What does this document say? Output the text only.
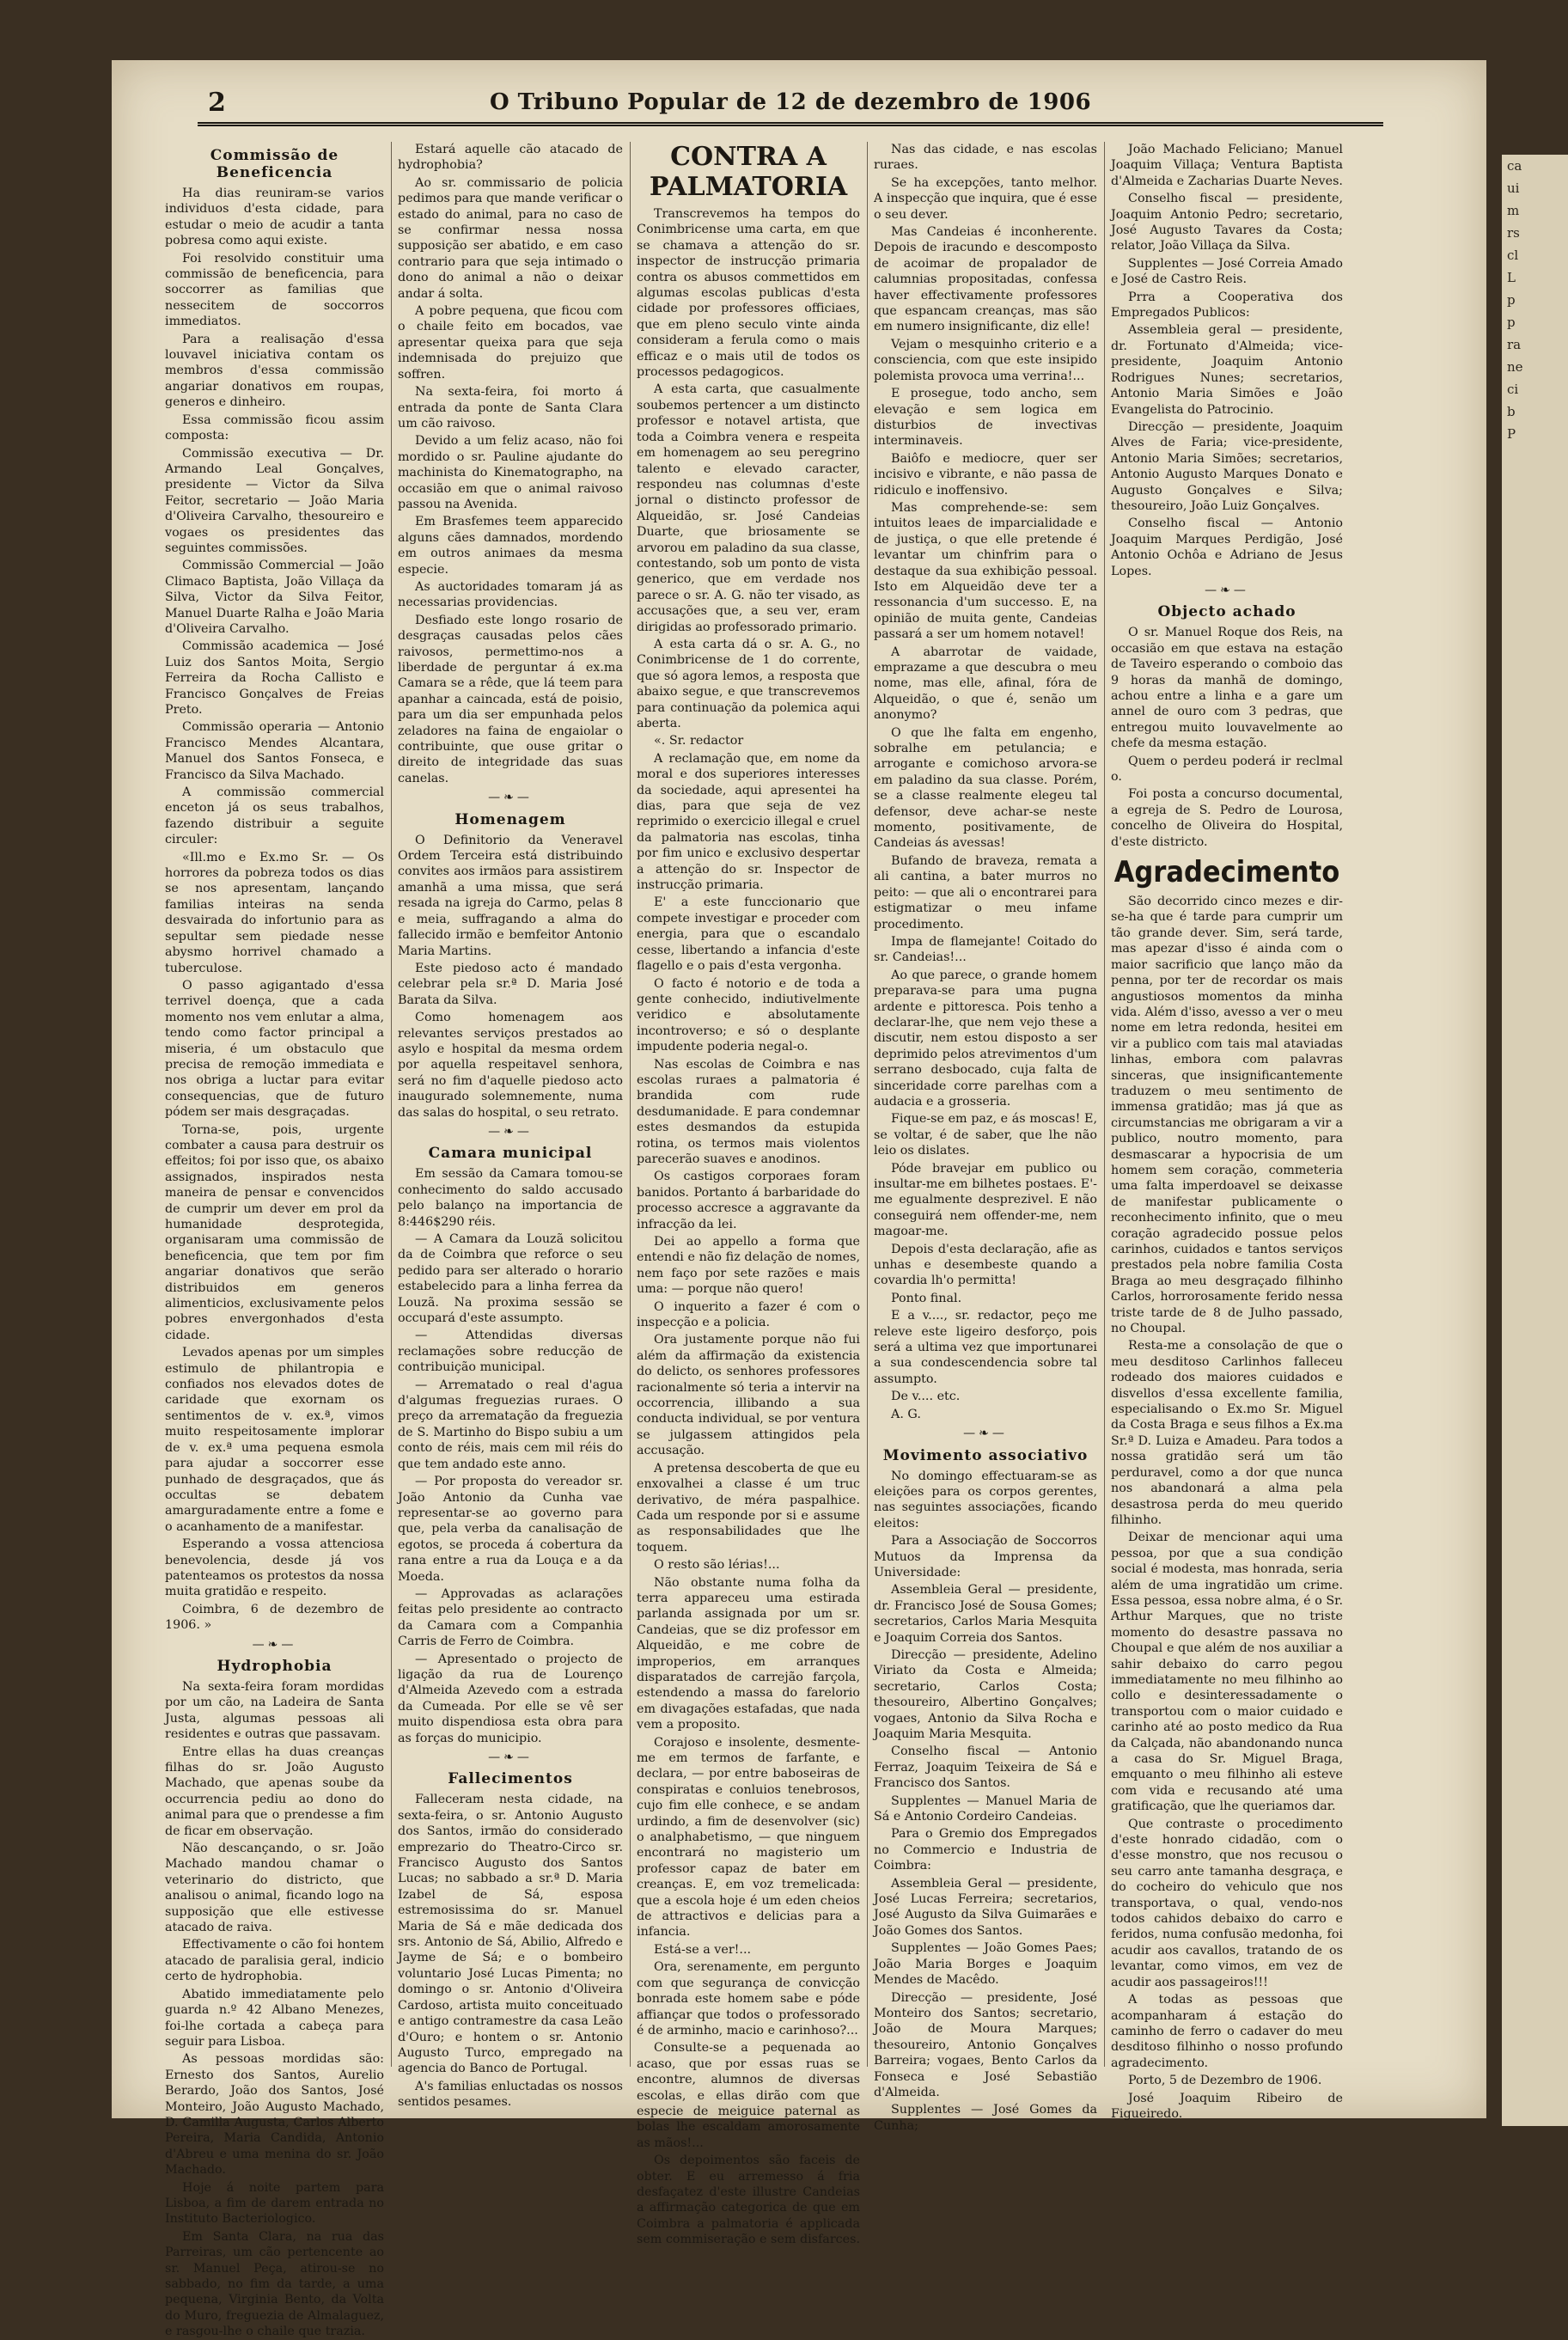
2	O Tribuno Popular de 12 de dezembro de 1906
Commissão de Beneficencia

Ha dias reuniram-se varios individuos d'esta cidade, para estudar o meio de acudir a tanta pobresa como aqui existe.

Foi resolvido constituir uma commissão de beneficencia, para soccorrer as familias que nessecitem de soccorros immediatos.

Para a realisação d'essa louvavel iniciativa contam os membros d'essa commissão angariar donativos em roupas, generos e dinheiro.

Essa commissão ficou assim composta:

Commissão executiva — Dr. Armando Leal Gonçalves, presidente — Victor da Silva Feitor, secretario — João Maria d'Oliveira Carvalho, thesoureiro e vogaes os presidentes das seguintes commissões.

Commissão Commercial — João Climaco Baptista, João Villaça da Silva, Victor da Silva Feitor, Manuel Duarte Ralha e João Maria d'Oliveira Carvalho.

Commissão academica — José Luiz dos Santos Moita, Sergio Ferreira da Rocha Callisto e Francisco Gonçalves de Freias Preto.

Commissão operaria — Antonio Francisco Mendes Alcantara, Manuel dos Santos Fonseca, e Francisco da Silva Machado.

A commissão commercial enceton já os seus trabalhos, fazendo distribuir a seguite circuler:

«Ill.mo e Ex.mo Sr. — Os horrores da pobreza todos os dias se nos apresentam, lançando familias inteiras na senda desvairada do infortunio para as sepultar sem piedade nesse abysmo horrivel chamado a tuberculose.

O passo agigantado d'essa terrivel doença, que a cada momento nos vem enlutar a alma, tendo como factor principal a miseria, é um obstaculo que precisa de remoção immediata e nos obriga a luctar para evitar consequencias, que de futuro pódem ser mais desgraçadas.

Torna-se, pois, urgente combater a causa para destruir os effeitos; foi por isso que, os abaixo assignados, inspirados nesta maneira de pensar e convencidos de cumprir um dever em prol da humanidade desprotegida, organisaram uma commissão de beneficencia, que tem por fim angariar donativos que serão distribuidos em generos alimenticios, exclusivamente pelos pobres envergonhados d'esta cidade.

Levados apenas por um simples estimulo de philantropia e confiados nos elevados dotes de caridade que exornam os sentimentos de v. ex.ª, vimos muito respeitosamente implorar de v. ex.ª uma pequena esmola para ajudar a soccorrer esse punhado de desgraçados, que ás occultas se debatem amarguradamente entre a fome e o acanhamento de a manifestar.

Esperando a vossa attenciosa benevolencia, desde já vos patenteamos os protestos da nossa muita gratidão e respeito.

Coimbra, 6 de dezembro de 1906. »

—❧—
Hydrophobia

Na sexta-feira foram mordidas por um cão, na Ladeira de Santa Justa, algumas pessoas ali residentes e outras que passavam.

Entre ellas ha duas creanças filhas do sr. João Augusto Machado, que apenas soube da occurrencia pediu ao dono do animal para que o prendesse a fim de ficar em observação.

Não descançando, o sr. João Machado mandou chamar o veterinario do districto, que analisou o animal, ficando logo na supposição que elle estivesse atacado de raiva.

Effectivamente o cão foi hontem atacado de paralisia geral, indicio certo de hydrophobia.

Abatido immediatamente pelo guarda n.º 42 Albano Menezes, foi-lhe cortada a cabeça para seguir para Lisboa.

As pessoas mordidas são: Ernesto dos Santos, Aurelio Berardo, João dos Santos, José Monteiro, João Augusto Machado, D. Camilla Augusta, Carlos Alberto Pereira, Maria Candida, Antonio d'Abreu e uma menina do sr. João Machado.

Hoje á noite partem para Lisboa, a fim de darem entrada no Instituto Bacteriologico.

Em Santa Clara, na rua das Parreiras, um cão pertencente ao sr. Manuel Peça, atirou-se no sabbado, no fim da tarde, a uma pequena, Virginia Bento, da Volta do Muro, freguezia de Almalaguez, e rasgou-lhe o chaile que trazia.

Estará aquelle cão atacado de hydrophobia?

Ao sr. commissario de policia pedimos para que mande verificar o estado do animal, para no caso de se confirmar nessa nossa supposição ser abatido, e em caso contrario para que seja intimado o dono do animal a não o deixar andar á solta.

A pobre pequena, que ficou com o chaile feito em bocados, vae apresentar queixa para que seja indemnisada do prejuizo que soffren.

Na sexta-feira, foi morto á entrada da ponte de Santa Clara um cão raivoso.

Devido a um feliz acaso, não foi mordido o sr. Pauline ajudante do machinista do Kinematographo, na occasião em que o animal raivoso passou na Avenida.

Em Brasfemes teem apparecido alguns cães damnados, mordendo em outros animaes da mesma especie.

As auctoridades tomaram já as necessarias providencias.

Desfiado este longo rosario de desgraças causadas pelos cães raivosos, permettimo-nos a liberdade de perguntar á ex.ma Camara se a rêde, que lá teem para apanhar a caincada, está de poisio, para um dia ser empunhada pelos zeladores na faina de engaiolar o contribuinte, que ouse gritar o direito de integridade das suas canelas.

—❧—
Homenagem

O Definitorio da Veneravel Ordem Terceira está distribuindo convites aos irmãos para assistirem amanhã a uma missa, que será resada na igreja do Carmo, pelas 8 e meia, suffragando a alma do fallecido irmão e bemfeitor Antonio Maria Martins.

Este piedoso acto é mandado celebrar pela sr.ª D. Maria José Barata da Silva.

Como homenagem aos relevantes serviços prestados ao asylo e hospital da mesma ordem por aquella respeitavel senhora, será no fim d'aquelle piedoso acto inaugurado solemnemente, numa das salas do hospital, o seu retrato.

—❧—
Camara municipal

Em sessão da Camara tomou-se conhecimento do saldo accusado pelo balanço na importancia de 8:446$290 réis.

— A Camara da Louzã solicitou da de Coimbra que reforce o seu pedido para ser alterado o horario estabelecido para a linha ferrea da Louzã. Na proxima sessão se occupará d'este assumpto.

— Attendidas diversas reclamações sobre reducção de contribuição municipal.

— Arrematado o real d'agua d'algumas freguezias ruraes. O preço da arrematação da freguezia de S. Martinho do Bispo subiu a um conto de réis, mais cem mil réis do que tem andado este anno.

— Por proposta do vereador sr. João Antonio da Cunha vae representar-se ao governo para que, pela verba da canalisação de egotos, se proceda á cobertura da rana entre a rua da Louça e a da Moeda.

— Approvadas as aclarações feitas pelo presidente ao contracto da Camara com a Companhia Carris de Ferro de Coimbra.

— Apresentado o projecto de ligação da rua de Lourenço d'Almeida Azevedo com a estrada da Cumeada. Por elle se vê ser muito dispendiosa esta obra para as forças do municipio.

—❧—
Fallecimentos

Falleceram nesta cidade, na sexta-feira, o sr. Antonio Augusto dos Santos, irmão do considerado emprezario do Theatro-Circo sr. Francisco Augusto dos Santos Lucas; no sabbado a sr.ª D. Maria Izabel de Sá, esposa estremosissima do sr. Manuel Maria de Sá e mãe dedicada dos srs. Antonio de Sá, Abilio, Alfredo e Jayme de Sá; e o bombeiro voluntario José Lucas Pimenta; no domingo o sr. Antonio d'Oliveira Cardoso, artista muito conceituado e antigo contramestre da casa Leão d'Ouro; e hontem o sr. Antonio Augusto Turco, empregado na agencia do Banco de Portugal.

A's familias enluctadas os nossos sentidos pesames.

CONTRA A PALMATORIA

Transcrevemos ha tempos do Conimbricense uma carta, em que se chamava a attenção do sr. inspector de instrucção primaria contra os abusos commettidos em algumas escolas publicas d'esta cidade por professores officiaes, que em pleno seculo vinte ainda consideram a ferula como o mais efficaz e o mais util de todos os processos pedagogicos.

A esta carta, que casualmente soubemos pertencer a um distincto professor e notavel artista, que toda a Coimbra venera e respeita em homenagem ao seu peregrino talento e elevado caracter, respondeu nas columnas d'este jornal o distincto professor de Alqueidão, sr. José Candeias Duarte, que briosamente se arvorou em paladino da sua classe, contestando, sob um ponto de vista generico, que em verdade nos parece o sr. A. G. não ter visado, as accusações que, a seu ver, eram dirigidas ao professorado primario.

A esta carta dá o sr. A. G., no Conimbricense de 1 do corrente, que só agora lemos, a resposta que abaixo segue, e que transcrevemos para continuação da polemica aqui aberta.

«. Sr. redactor

A reclamação que, em nome da moral e dos superiores interesses da sociedade, aqui apresentei ha dias, para que seja de vez reprimido o exercicio illegal e cruel da palmatoria nas escolas, tinha por fim unico e exclusivo despertar a attenção do sr. Inspector de instrucção primaria.

E' a este funccionario que compete investigar e proceder com energia, para que o escandalo cesse, libertando a infancia d'este flagello e o pais d'esta vergonha.

O facto é notorio e de toda a gente conhecido, indiutivelmente veridico e absolutamente incontroverso; e só o desplante impudente poderia negal-o.

Nas escolas de Coimbra e nas escolas ruraes a palmatoria é brandida com rude desdumanidade. E para condemnar estes desmandos da estupida rotina, os termos mais violentos parecerão suaves e anodinos.

Os castigos corporaes foram banidos. Portanto á barbaridade do processo accresce a aggravante da infracção da lei.

Dei ao appello a forma que entendi e não fiz delação de nomes, nem faço por sete razões e mais uma: — porque não quero!

O inquerito a fazer é com o inspecção e a policia.

Ora justamente porque não fui além da affirmação da existencia do delicto, os senhores professores racionalmente só teria a intervir na occorrencia, illibando a sua conducta individual, se por ventura se julgassem attingidos pela accusação.

A pretensa descoberta de que eu enxovalhei a classe é um truc derivativo, de méra paspalhice. Cada um responde por si e assume as responsabilidades que lhe toquem.

O resto são lérias!...

Não obstante numa folha da terra appareceu uma estirada parlanda assignada por um sr. Candeias, que se diz professor em Alqueidão, e me cobre de improperios, em arranques disparatados de carrejão farçola, estendendo a massa do farelorio em divagações estafadas, que nada vem a proposito.

Corajoso e insolente, desmente-me em termos de farfante, e declara, — por entre baboseiras de conspiratas e conluios tenebrosos, cujo fim elle conhece, e se andam urdindo, a fim de desenvolver (sic) o analphabetismo, — que ninguem encontrará no magisterio um professor capaz de bater em creanças. E, em voz tremelicada: que a escola hoje é um eden cheios de attractivos e delicias para a infancia.

Está-se a ver!...

Ora, serenamente, em pergunto com que segurança de convicção bonrada este homem sabe e póde affiançar que todos o professorado é de arminho, macio e carinhoso?...

Consulte-se a pequenada ao acaso, que por essas ruas se encontre, alumnos de diversas escolas, e ellas dirão com que especie de meiguice paternal as bolas lhe escaldam amorosamente as mãos!...

Os depoimentos são faceis de obter. E eu arremesso á fria desfaçatez d'este illustre Candeias a affirmação categorica de que em Coimbra a palmatoria é applicada sem commiseração e sem disfarces.

Nas das cidade, e nas escolas ruraes.

Se ha excepções, tanto melhor. A inspecção que inquira, que é esse o seu dever.

Mas Candeias é inconherente. Depois de iracundo e descomposto de acoimar de propalador de calumnias propositadas, confessa haver effectivamente professores que espancam creanças, mas são em numero insignificante, diz elle!

Vejam o mesquinho criterio e a consciencia, com que este insipido polemista provoca uma verrina!...

E prosegue, todo ancho, sem elevação e sem logica em disturbios de invectivas interminaveis.

Baiôfo e mediocre, quer ser incisivo e vibrante, e não passa de ridiculo e inoffensivo.

Mas comprehende-se: sem intuitos leaes de imparcialidade e de justiça, o que elle pretende é levantar um chinfrim para o destaque da sua exhibição pessoal. Isto em Alqueidão deve ter a ressonancia d'um successo. E, na opinião de muita gente, Candeias passará a ser um homem notavel!

A abarrotar de vaidade, emprazame a que descubra o meu nome, mas elle, afinal, fóra de Alqueidão, o que é, senão um anonymo?

O que lhe falta em engenho, sobralhe em petulancia; e arrogante e comichoso arvora-se em paladino da sua classe. Porém, se a classe realmente elegeu tal defensor, deve achar-se neste momento, positivamente, de Candeias ás avessas!

Bufando de braveza, remata a ali cantina, a bater murros no peito: — que ali o encontrarei para estigmatizar o meu infame procedimento.

Impa de flamejante! Coitado do sr. Candeias!...

Ao que parece, o grande homem preparava-se para uma pugna ardente e pittoresca. Pois tenho a declarar-lhe, que nem vejo these a discutir, nem estou disposto a ser deprimido pelos atrevimentos d'um serrano desbocado, cuja falta de sinceridade corre parelhas com a audacia e a grosseria.

Fique-se em paz, e ás moscas! E, se voltar, é de saber, que lhe não leio os dislates.

Póde bravejar em publico ou insultar-me em bilhetes postaes. E'-me egualmente desprezivel. E não conseguirá nem offender-me, nem magoar-me.

Depois d'esta declaração, afie as unhas e desembeste quando a covardia lh'o permitta!

Ponto final.

E a v...., sr. redactor, peço me releve este ligeiro desforço, pois será a ultima vez que importunarei a sua condescendencia sobre tal assumpto.

De v.... etc.

A. G.

—❧—
Movimento associativo

No domingo effectuaram-se as eleições para os corpos gerentes, nas seguintes associações, ficando eleitos:

Para a Associação de Soccorros Mutuos da Imprensa da Universidade:

Assembleia Geral — presidente, dr. Francisco José de Sousa Gomes; secretarios, Carlos Maria Mesquita e Joaquim Correia dos Santos.

Direcção — presidente, Adelino Viriato da Costa e Almeida; secretario, Carlos Costa; thesoureiro, Albertino Gonçalves; vogaes, Antonio da Silva Rocha e Joaquim Maria Mesquita.

Conselho fiscal — Antonio Ferraz, Joaquim Teixeira de Sá e Francisco dos Santos.

Supplentes — Manuel Maria de Sá e Antonio Cordeiro Candeias.

Para o Gremio dos Empregados no Commercio e Industria de Coimbra:

Assembleia Geral — presidente, José Lucas Ferreira; secretarios, José Augusto da Silva Guimarães e João Gomes dos Santos.

Supplentes — João Gomes Paes; João Maria Borges e Joaquim Mendes de Macêdo.

Direcção — presidente, José Monteiro dos Santos; secretario, João de Moura Marques; thesoureiro, Antonio Gonçalves Barreira; vogaes, Bento Carlos da Fonseca e José Sebastião d'Almeida.

Supplentes — José Gomes da Cunha;

João Machado Feliciano; Manuel Joaquim Villaça; Ventura Baptista d'Almeida e Zacharias Duarte Neves.

Conselho fiscal — presidente, Joaquim Antonio Pedro; secretario, José Augusto Tavares da Costa; relator, João Villaça da Silva.

Supplentes — José Correia Amado e José de Castro Reis.

Prra a Cooperativa dos Empregados Publicos:

Assembleia geral — presidente, dr. Fortunato d'Almeida; vice-presidente, Joaquim Antonio Rodrigues Nunes; secretarios, Antonio Maria Simões e João Evangelista do Patrocinio.

Direcção — presidente, Joaquim Alves de Faria; vice-presidente, Antonio Maria Simões; secretarios, Antonio Augusto Marques Donato e Augusto Gonçalves e Silva; thesoureiro, João Luiz Gonçalves.

Conselho fiscal — Antonio Joaquim Marques Perdigão, José Antonio Ochôa e Adriano de Jesus Lopes.

—❧—
Objecto achado

O sr. Manuel Roque dos Reis, na occasião em que estava na estação de Taveiro esperando o comboio das 9 horas da manhã de domingo, achou entre a linha e a gare um annel de ouro com 3 pedras, que entregou muito louvavelmente ao chefe da mesma estação.

Quem o perdeu poderá ir reclmal o.

Foi posta a concurso documental, a egreja de S. Pedro de Lourosa, concelho de Oliveira do Hospital, d'este districto.

Agradecimento

São decorrido cinco mezes e dir-se-ha que é tarde para cumprir um tão grande dever. Sim, será tarde, mas apezar d'isso é ainda com o maior sacrificio que lanço mão da penna, por ter de recordar os mais angustiosos momentos da minha vida. Além d'isso, avesso a ver o meu nome em letra redonda, hesitei em vir a publico com tais mal ataviadas linhas, embora com palavras sinceras, que insignificantemente traduzem o meu sentimento de immensa gratidão; mas já que as circumstancias me obrigaram a vir a publico, noutro momento, para desmascarar a hypocrisia de um homem sem coração, commeteria uma falta imperdoavel se deixasse de manifestar publicamente o reconhecimento infinito, que o meu coração agradecido possue pelos carinhos, cuidados e tantos serviços prestados pela nobre familia Costa Braga ao meu desgraçado filhinho Carlos, horrorosamente ferido nessa triste tarde de 8 de Julho passado, no Choupal.

Resta-me a consolação de que o meu desditoso Carlinhos falleceu rodeado dos maiores cuidados e disvellos d'essa excellente familia, especialisando o Ex.mo Sr. Miguel da Costa Braga e seus filhos a Ex.ma Sr.ª D. Luiza e Amadeu. Para todos a nossa gratidão será um tão perduravel, como a dor que nunca nos abandonará a alma pela desastrosa perda do meu querido filhinho.

Deixar de mencionar aqui uma pessoa, por que a sua condição social é modesta, mas honrada, seria além de uma ingratidão um crime. Essa pessoa, essa nobre alma, é o Sr. Arthur Marques, que no triste momento do desastre passava no Choupal e que além de nos auxiliar a sahir debaixo do carro pegou immediatamente no meu filhinho ao collo e desinteressadamente o transportou com o maior cuidado e carinho até ao posto medico da Rua da Calçada, não abandonando nunca a casa do Sr. Miguel Braga, emquanto o meu filhinho ali esteve com vida e recusando até uma gratificação, que lhe queriamos dar.

Que contraste o procedimento d'este honrado cidadão, com o d'esse monstro, que nos recusou o seu carro ante tamanha desgraça, e do cocheiro do vehiculo que nos transportava, o qual, vendo-nos todos cahidos debaixo do carro e feridos, numa confusão medonha, foi acudir aos cavallos, tratando de os levantar, como vimos, em vez de acudir aos passageiros!!!

A todas as pessoas que acompanharam á estação do caminho de ferro o cadaver do meu desditoso filhinho o nosso profundo agradecimento.

Porto, 5 de Dezembro de 1906.

José Joaquim Ribeiro de Figueiredo.

ca
ui
m
rs
cl
L
p
p
ra
ne
ci
b
P
